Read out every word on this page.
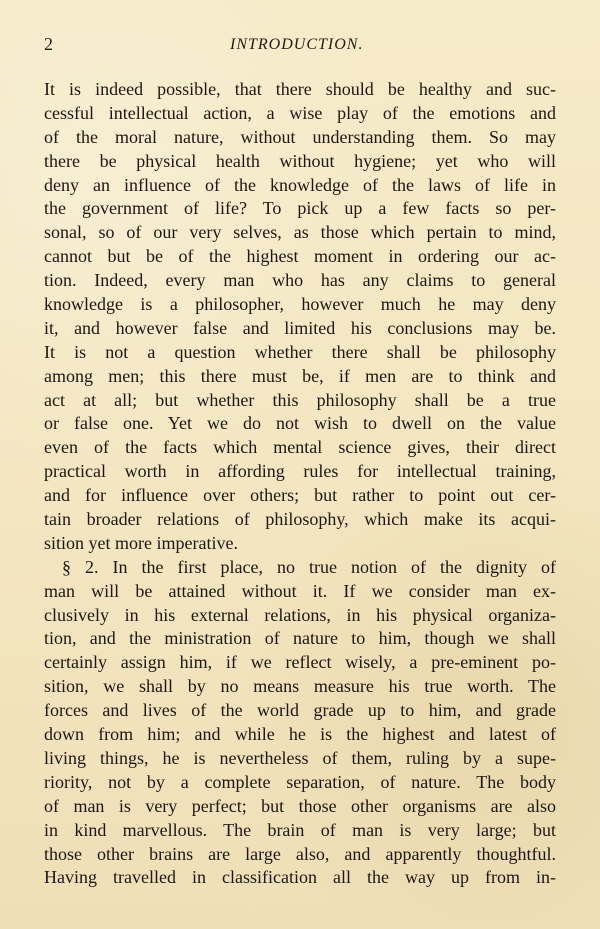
2	INTRODUCTION.
It is indeed possible, that there should be healthy and suc-
cessful intellectual action, a wise play of the emotions and
of the moral nature, without understanding them. So may
there be physical health without hygiene; yet who will
deny an influence of the knowledge of the laws of life in
the government of life? To pick up a few facts so per-
sonal, so of our very selves, as those which pertain to mind,
cannot but be of the highest moment in ordering our ac-
tion. Indeed, every man who has any claims to general
knowledge is a philosopher, however much he may deny
it, and however false and limited his conclusions may be.
It is not a question whether there shall be philosophy
among men; this there must be, if men are to think and
act at all; but whether this philosophy shall be a true
or false one. Yet we do not wish to dwell on the value
even of the facts which mental science gives, their direct
practical worth in affording rules for intellectual training,
and for influence over others; but rather to point out cer-
tain broader relations of philosophy, which make its acqui-
sition yet more imperative.
§ 2. In the first place, no true notion of the dignity of
man will be attained without it. If we consider man ex-
clusively in his external relations, in his physical organiza-
tion, and the ministration of nature to him, though we shall
certainly assign him, if we reflect wisely, a pre-eminent po-
sition, we shall by no means measure his true worth. The
forces and lives of the world grade up to him, and grade
down from him; and while he is the highest and latest of
living things, he is nevertheless of them, ruling by a supe-
riority, not by a complete separation, of nature. The body
of man is very perfect; but those other organisms are also
in kind marvellous. The brain of man is very large; but
those other brains are large also, and apparently thoughtful.
Having travelled in classification all the way up from in-
